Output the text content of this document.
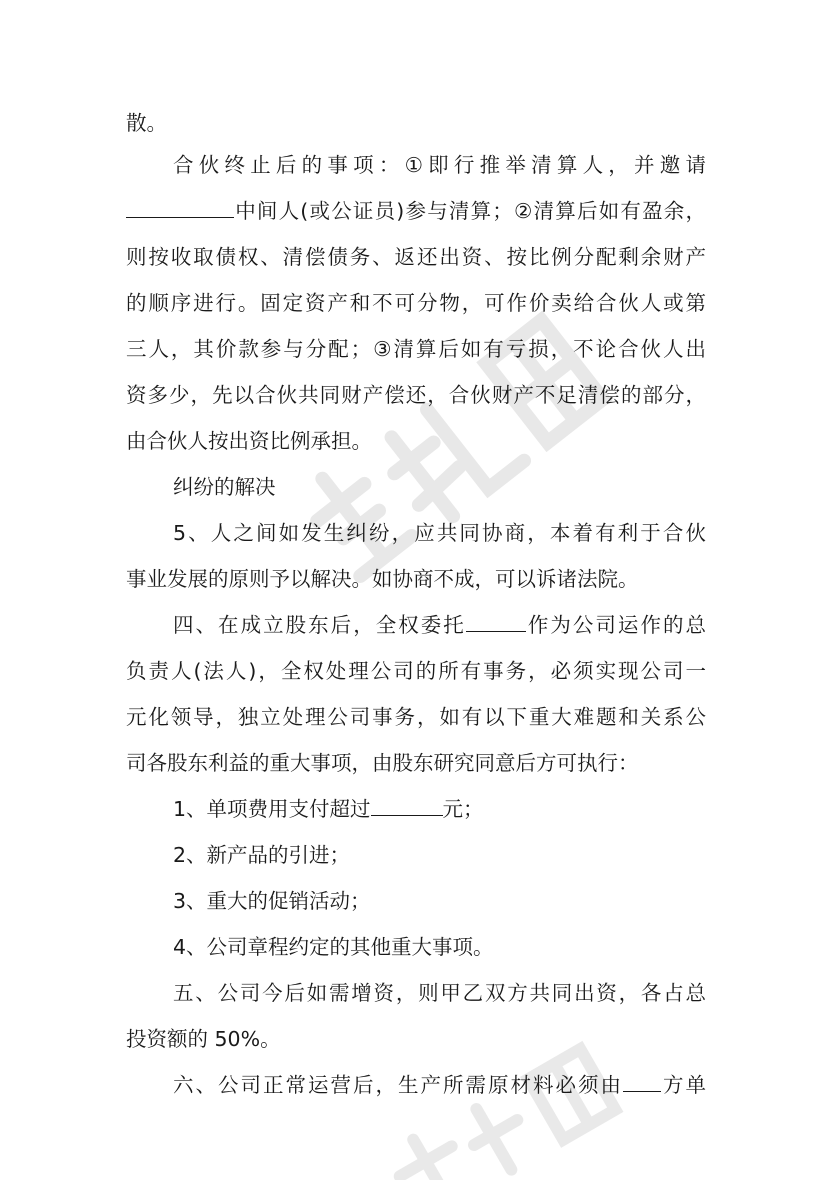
散。
合伙终止后的事项：①即行推举清算人，并邀请
中间人(或公证员)参与清算；②清算后如有盈余，
则按收取债权、清偿债务、返还出资、按比例分配剩余财产
的顺序进行。固定资产和不可分物，可作价卖给合伙人或第
三人，其价款参与分配；③清算后如有亏损，不论合伙人出
资多少，先以合伙共同财产偿还，合伙财产不足清偿的部分，
由合伙人按出资比例承担。
纠纷的解决
5、人之间如发生纠纷，应共同协商，本着有利于合伙
事业发展的原则予以解决。如协商不成，可以诉诸法院。
四、在成立股东后，全权委托	作为公司运作的总
负责人(法人)，全权处理公司的所有事务，必须实现公司一
元化领导，独立处理公司事务，如有以下重大难题和关系公
司各股东利益的重大事项，由股东研究同意后方可执行：
1、单项费用支付超过	元；
2、新产品的引进；
3、重大的促销活动；
4、公司章程约定的其他重大事项。
五、公司今后如需增资，则甲乙双方共同出资，各占总
投资额的 50%。
六、公司正常运营后，生产所需原材料必须由 方单
